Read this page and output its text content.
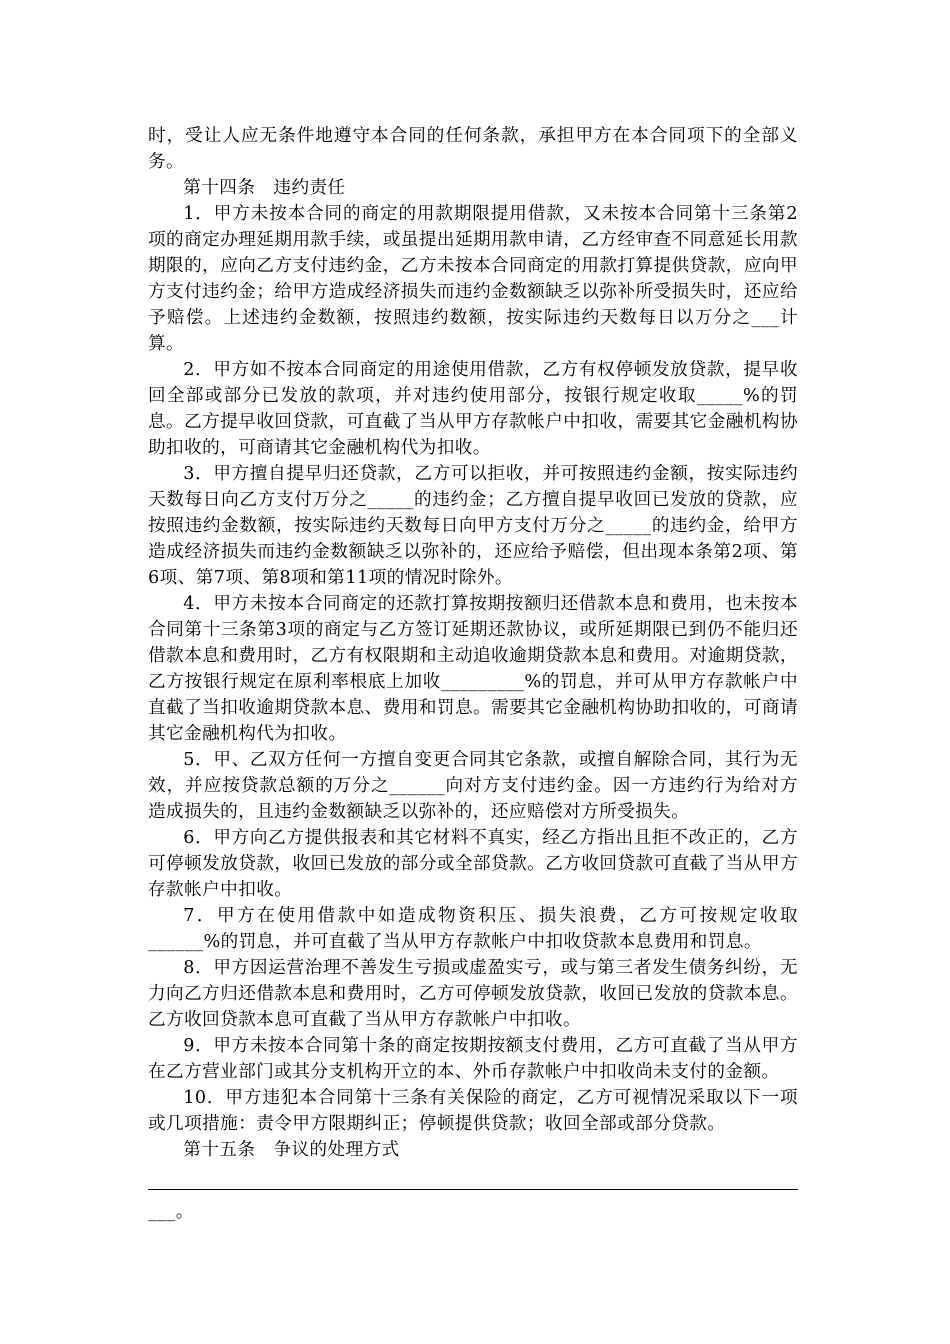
时，受让人应无条件地遵守本合同的任何条款，承担甲方在本合同项下的全部义务。

第十四条　违约责任

1．甲方未按本合同的商定的用款期限提用借款，又未按本合同第十三条第2项的商定办理延期用款手续，或虽提出延期用款申请，乙方经审查不同意延长用款期限的，应向乙方支付违约金，乙方未按本合同商定的用款打算提供贷款，应向甲方支付违约金；给甲方造成经济损失而违约金数额缺乏以弥补所受损失时，还应给予赔偿。上述违约金数额，按照违约数额，按实际违约天数每日以万分之___计算。

2．甲方如不按本合同商定的用途使用借款，乙方有权停顿发放贷款，提早收回全部或部分已发放的款项，并对违约使用部分，按银行规定收取_____%的罚息。乙方提早收回贷款，可直截了当从甲方存款帐户中扣收，需要其它金融机构协助扣收的，可商请其它金融机构代为扣收。

3．甲方擅自提早归还贷款，乙方可以拒收，并可按照违约金额，按实际违约天数每日向乙方支付万分之_____的违约金；乙方擅自提早收回已发放的贷款，应按照违约金数额，按实际违约天数每日向甲方支付万分之_____的违约金，给甲方造成经济损失而违约金数额缺乏以弥补的，还应给予赔偿，但出现本条第2项、第6项、第7项、第8项和第11项的情况时除外。

4．甲方未按本合同商定的还款打算按期按额归还借款本息和费用，也未按本合同第十三条第3项的商定与乙方签订延期还款协议，或所延期限已到仍不能归还借款本息和费用时，乙方有权限期和主动追收逾期贷款本息和费用。对逾期贷款，乙方按银行规定在原利率根底上加收_________%的罚息，并可从甲方存款帐户中直截了当扣收逾期贷款本息、费用和罚息。需要其它金融机构协助扣收的，可商请其它金融机构代为扣收。

5．甲、乙双方任何一方擅自变更合同其它条款，或擅自解除合同，其行为无效，并应按贷款总额的万分之______向对方支付违约金。因一方违约行为给对方造成损失的，且违约金数额缺乏以弥补的，还应赔偿对方所受损失。

6．甲方向乙方提供报表和其它材料不真实，经乙方指出且拒不改正的，乙方可停顿发放贷款，收回已发放的部分或全部贷款。乙方收回贷款可直截了当从甲方存款帐户中扣收。

7．甲方在使用借款中如造成物资积压、损失浪费，乙方可按规定收取______%的罚息，并可直截了当从甲方存款帐户中扣收贷款本息费用和罚息。

8．甲方因运营治理不善发生亏损或虚盈实亏，或与第三者发生债务纠纷，无力向乙方归还借款本息和费用时，乙方可停顿发放贷款，收回已发放的贷款本息。乙方收回贷款本息可直截了当从甲方存款帐户中扣收。

9．甲方未按本合同第十条的商定按期按额支付费用，乙方可直截了当从甲方在乙方营业部门或其分支机构开立的本、外币存款帐户中扣收尚未支付的金额。

10．甲方违犯本合同第十三条有关保险的商定，乙方可视情况采取以下一项或几项措施：责令甲方限期纠正；停顿提供贷款；收回全部或部分贷款。

第十五条　争议的处理方式

___。
